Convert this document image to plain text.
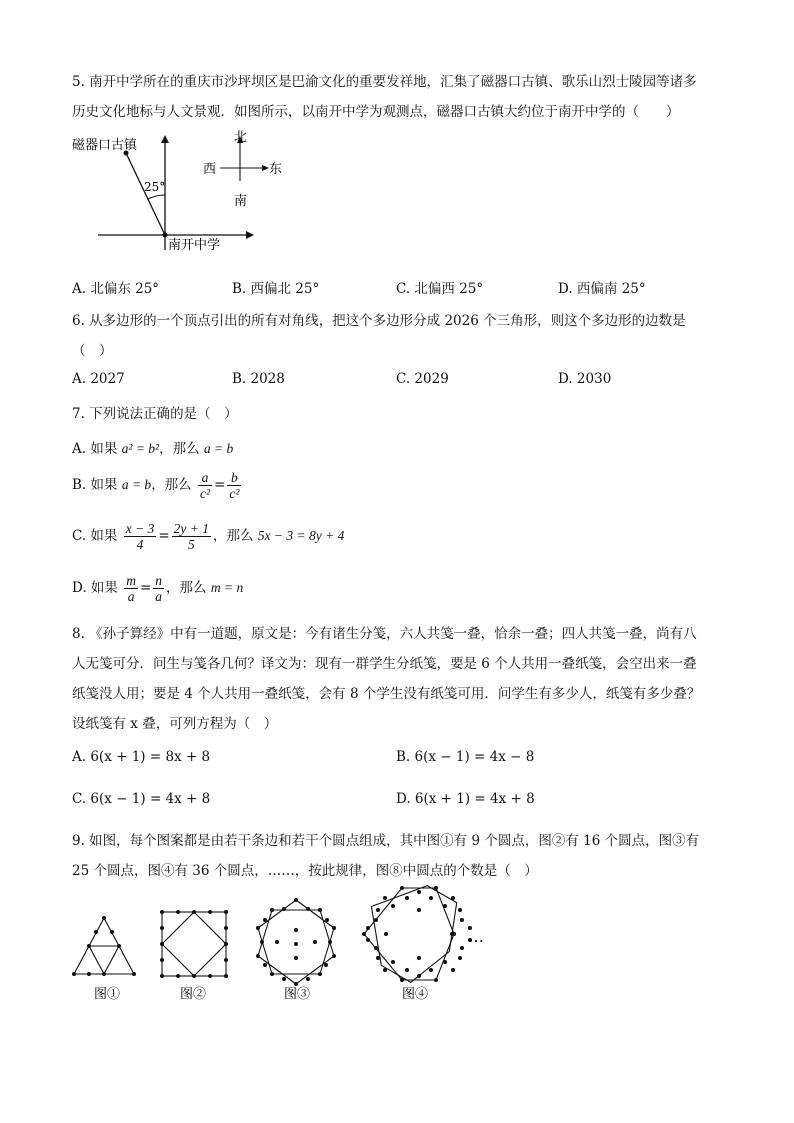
5. 南开中学所在的重庆市沙坪坝区是巴渝文化的重要发祥地，汇集了磁器口古镇、歌乐山烈士陵园等诸多
历史文化地标与人文景观．如图所示，以南开中学为观测点，磁器口古镇大约位于南开中学的（　　）
磁器口古镇
25°
南开中学
北
南
东
西
A. 北偏东 25°	B. 西偏北 25°	C. 北偏西 25°	D. 西偏南 25°
6. 从多边形的一个顶点引出的所有对角线，把这个多边形分成 2026 个三角形，则这个多边形的边数是
（　）
A. 2027	B. 2028	C. 2029	D. 2030
7. 下列说法正确的是（　）
A. 如果 a² = b²，那么 a = b
B. 如果 a = b，那么 $\frac{a}{\text{c²}} = \frac{b}{\text{c²}}$
C. 如果 $\frac{x - 3}{4} = \frac{2y + 1}{5}$ ，那么 5x − 3 = 8y + 4
D. 如果 $\frac{m}{a} = \frac{n}{a}$ ，那么 m = n
8. 《孙子算经》中有一道题，原文是：今有诸生分笺，六人共笺一叠，恰余一叠；四人共笺一叠，尚有八
人无笺可分．问生与笺各几何？译文为：现有一群学生分纸笺，要是 6 个人共用一叠纸笺，会空出来一叠
纸笺没人用；要是 4 个人共用一叠纸笺，会有 8 个学生没有纸笺可用．问学生有多少人，纸笺有多少叠？
设纸笺有 x 叠，可列方程为（　）
A. 6(x + 1) = 8x + 8	B. 6(x − 1) = 4x − 8
C. 6(x − 1) = 4x + 8	D. 6(x + 1) = 4x + 8
9. 如图，每个图案都是由若干条边和若干个圆点组成，其中图①有 9 个圆点，图②有 16 个圆点，图③有
25 个圆点，图④有 36 个圆点，……，按此规律，图⑧中圆点的个数是（　）
…
图①	图②	图③	图④
